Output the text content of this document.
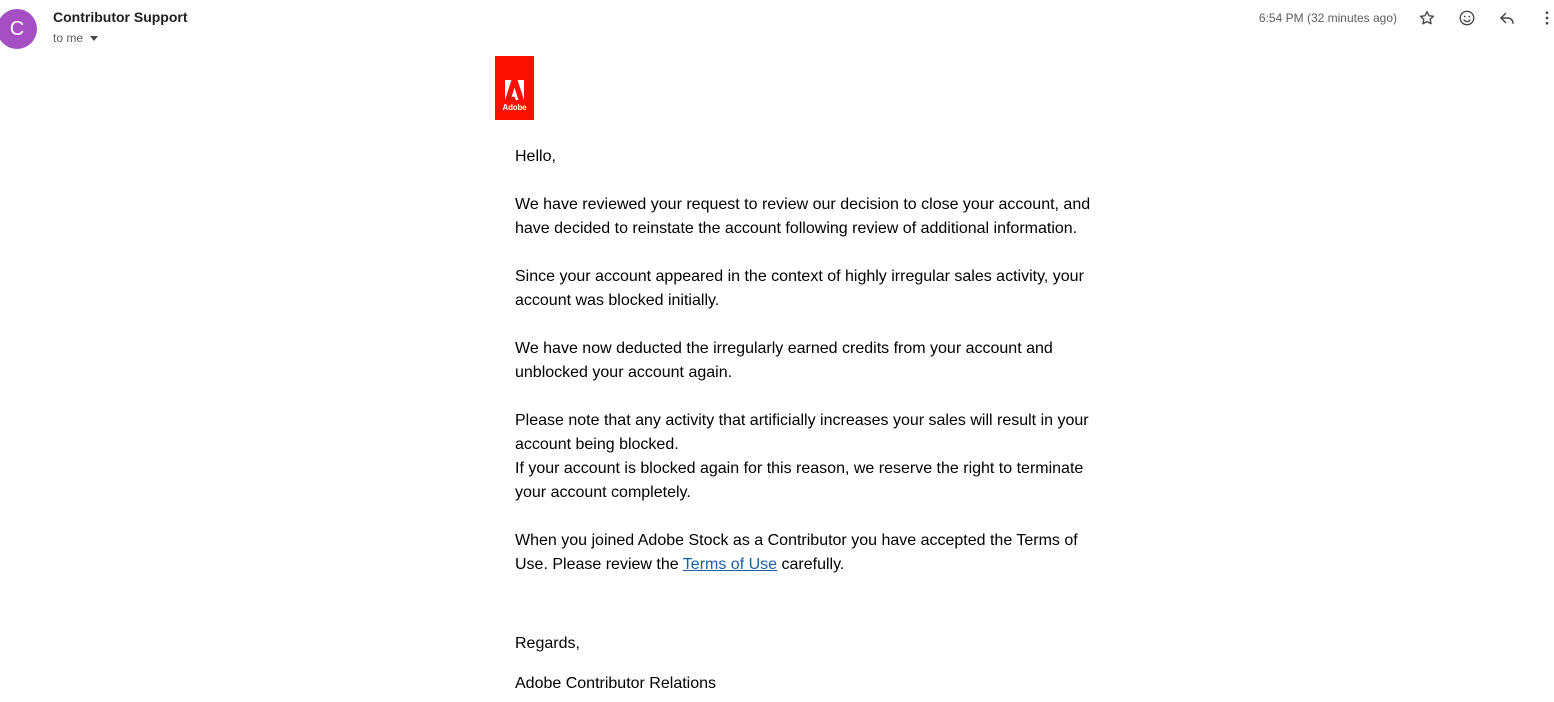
C
Contributor Support
to me
6:54 PM (32 minutes ago)
Adobe

Hello,

We have reviewed your request to review our decision to close your account, and have decided to reinstate the account following review of additional information.

Since your account appeared in the context of highly irregular sales activity, your account was blocked initially.

We have now deducted the irregularly earned credits from your account and unblocked your account again.

Please note that any activity that artificially increases your sales will result in your account being blocked.

If your account is blocked again for this reason, we reserve the right to terminate your account completely.

When you joined Adobe Stock as a Contributor you have accepted the Terms of Use. Please review the Terms of Use carefully.

Regards,
Adobe Contributor Relations
